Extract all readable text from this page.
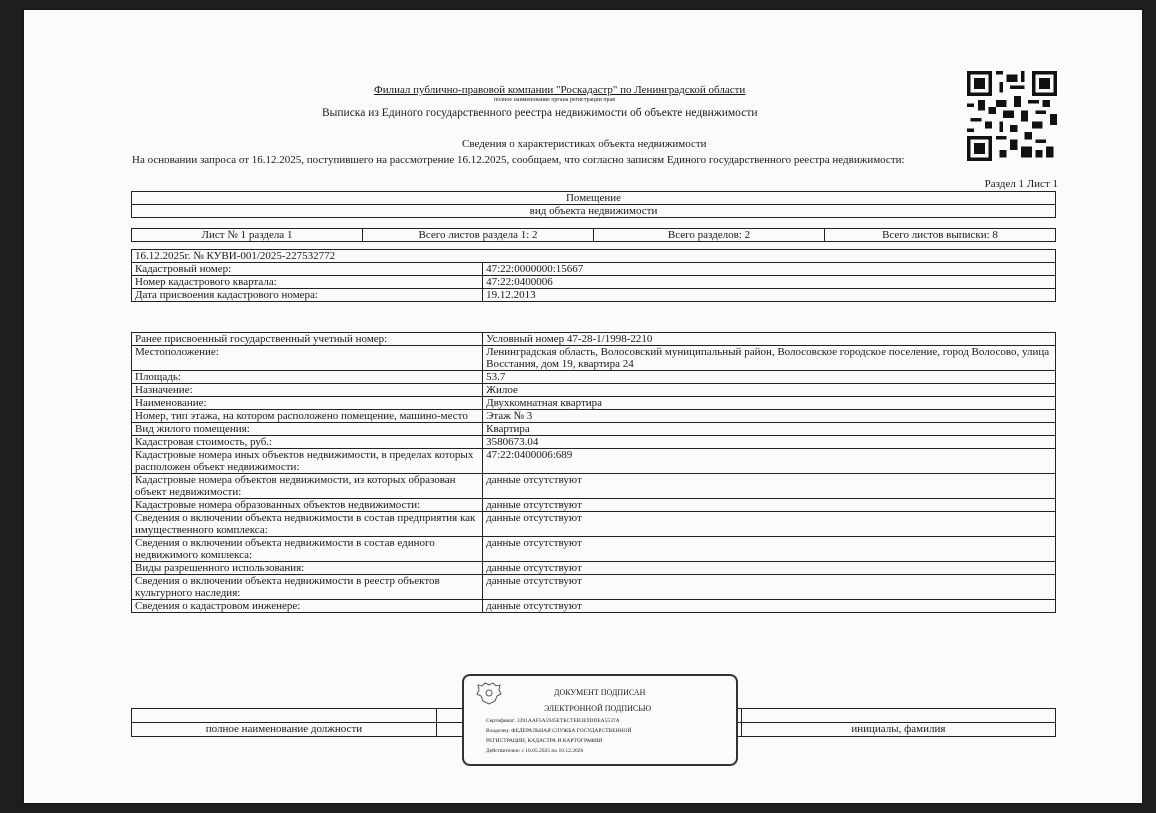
Филиал публично-правовой компании "Роскадастр" по Ленинградской области
полное наименование органа регистрации прав
Выписка из Единого государственного реестра недвижимости об объекте недвижимости
Сведения о характеристиках объекта недвижимости
На основании запроса от 16.12.2025, поступившего на рассмотрение 16.12.2025, сообщаем, что согласно записям Единого государственного реестра недвижимости:
Раздел 1 Лист 1
Помещение
вид объекта недвижимости
Лист № 1 раздела 1	Всего листов раздела 1: 2	Всего разделов: 2	Всего листов выписки: 8
16.12.2025г. № КУВИ-001/2025-227532772	
Кадастровый номер:	47:22:0000000:15667
Номер кадастрового квартала:	47:22:0400006
Дата присвоения кадастрового номера:	19.12.2013
Ранее присвоенный государственный учетный номер:	Условный номер 47-28-1/1998-2210
Местоположение:	Ленинградская область, Волосовский муниципальный район, Волосовское городское поселение, город Волосово, улица Восстания, дом 19, квартира 24
Площадь:	53.7
Назначение:	Жилое
Наименование:	Двухкомнатная квартира
Номер, тип этажа, на котором расположено помещение, машино-место	Этаж № 3
Вид жилого помещения:	Квартира
Кадастровая стоимость, руб.:	3580673.04
Кадастровые номера иных объектов недвижимости, в пределах которых расположен объект недвижимости:	47:22:0400006:689
Кадастровые номера объектов недвижимости, из которых образован объект недвижимости:	данные отсутствуют
Кадастровые номера образованных объектов недвижимости:	данные отсутствуют
Сведения о включении объекта недвижимости в состав предприятия как имущественного комплекса:	данные отсутствуют
Сведения о включении объекта недвижимости в состав единого недвижимого комплекса:	данные отсутствуют
Виды разрешенного использования:	данные отсутствуют
Сведения о включении объекта недвижимости в реестр объектов культурного наследия:	данные отсутствуют
Сведения о кадастровом инженере:	данные отсутствуют

полное наименование должности		инициалы, фамилия
ДОКУМЕНТ ПОДПИСАН
ЭЛЕКТРОННОЙ ПОДПИСЬЮ
Сертификат: 3391AAF5A5945ЕТБСТЕВ3Е9DDЕА5537А
Владелец: ФЕДЕРАЛЬНАЯ СЛУЖБА ГОСУДАРСТВЕННОЙ
РЕГИСТРАЦИИ, КАДАСТРА И КАРТОГРАФИИ
Действителен: с 16.05.2025 по 10.12.2026
